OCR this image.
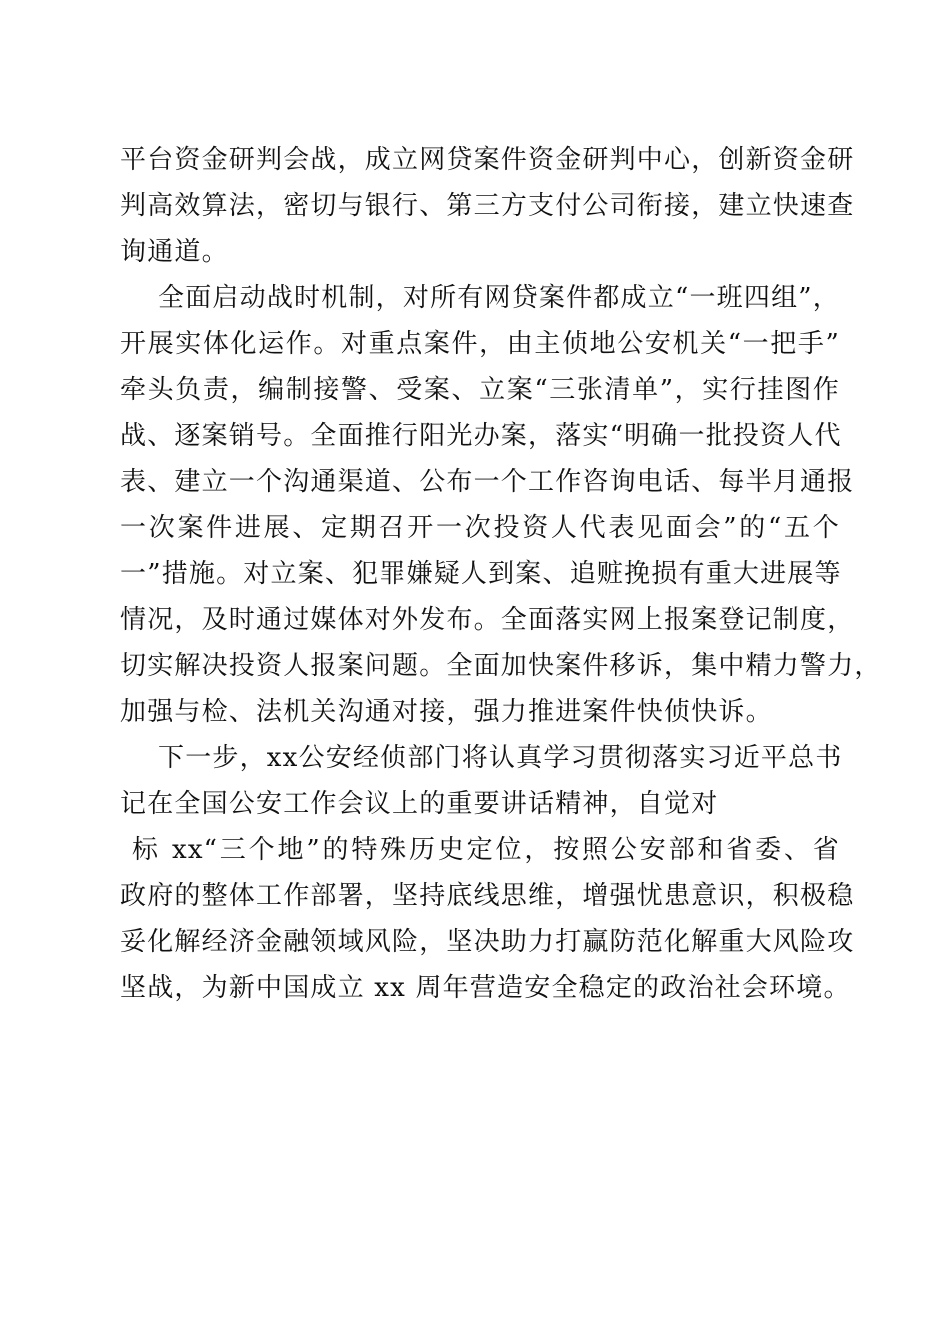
平台资金研判会战，成立网贷案件资金研判中心，创新资金研
判高效算法，密切与银行、第三方支付公司衔接，建立快速查
询通道。
全面启动战时机制，对所有网贷案件都成立“一班四组”，
开展实体化运作。对重点案件，由主侦地公安机关“一把手”
牵头负责，编制接警、受案、立案“三张清单”，实行挂图作
战、逐案销号。全面推行阳光办案，落实“明确一批投资人代
表、建立一个沟通渠道、公布一个工作咨询电话、每半月通报
一次案件进展、定期召开一次投资人代表见面会”的“五个
一”措施。对立案、犯罪嫌疑人到案、追赃挽损有重大进展等
情况，及时通过媒体对外发布。全面落实网上报案登记制度，
切实解决投资人报案问题。全面加快案件移诉，集中精力警力，
加强与检、法机关沟通对接，强力推进案件快侦快诉。
下一步，xx公安经侦部门将认真学习贯彻落实习近平总书
记在全国公安工作会议上的重要讲话精神，自觉对
标 xx“三个地”的特殊历史定位，按照公安部和省委、省
政府的整体工作部署，坚持底线思维，增强忧患意识，积极稳
妥化解经济金融领域风险，坚决助力打赢防范化解重大风险攻
坚战，为新中国成立 xx 周年营造安全稳定的政治社会环境。
